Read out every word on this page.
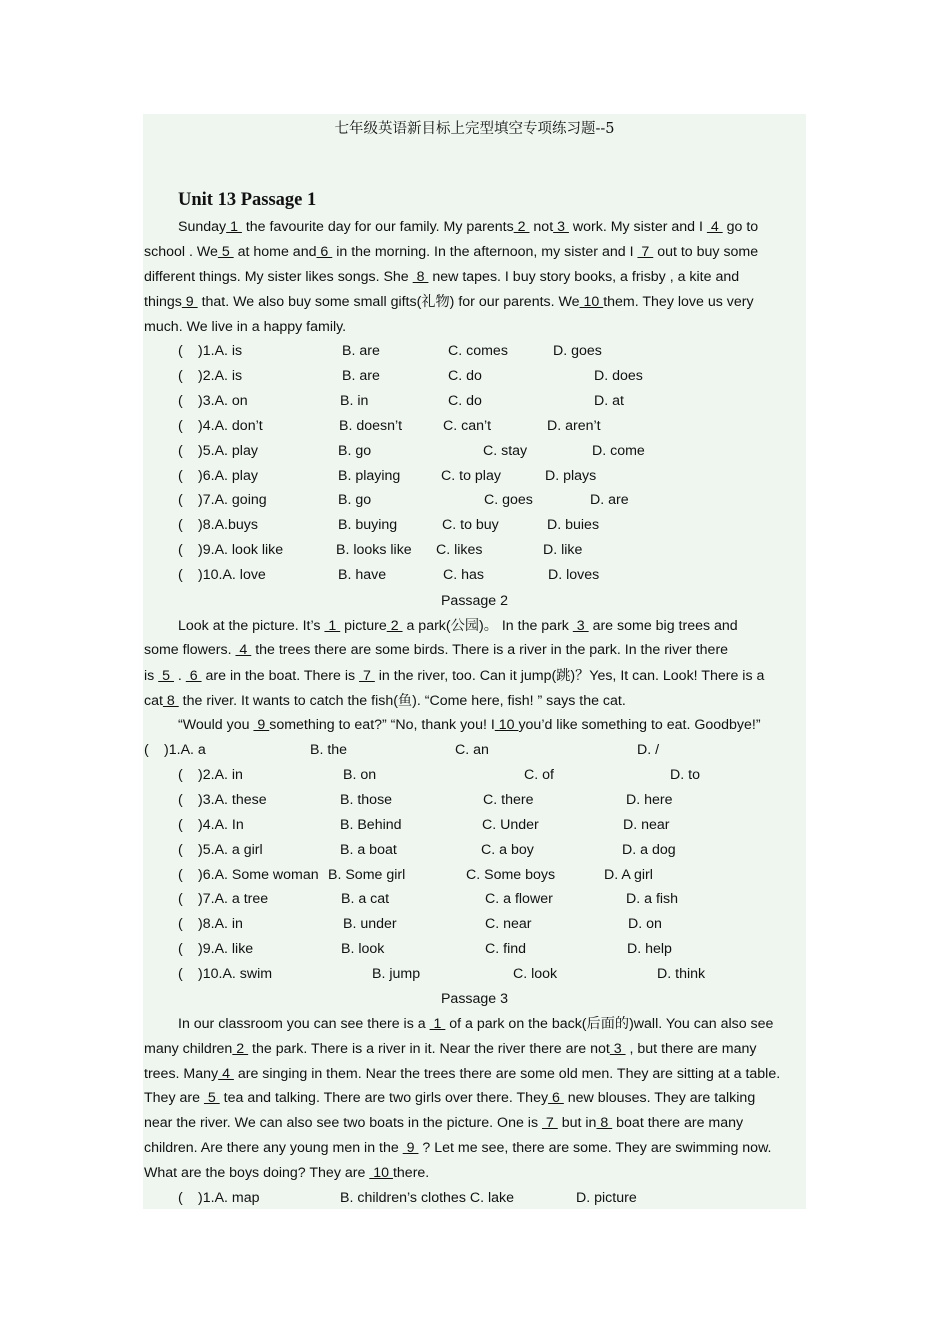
七年级英语新目标上完型填空专项练习题--5
Unit 13 Passage 1
Sunday 1  the favourite day for our family. My parents 2  not 3  work. My sister and I  4  go to
school . We 5  at home and 6  in the morning. In the afternoon, my sister and I  7  out to buy some
different things. My sister likes songs. She  8  new tapes. I buy story books, a frisby , a kite and
things 9  that. We also buy some small gifts(礼物) for our parents. We 10 them. They love us very
much. We live in a happy family.
( )1.A. is	B. are	C. comes	D. goes
( )2.A. is	B. are	C. do	D. does
( )3.A. on	B. in	C. do	D. at
( )4.A. don’t	B. doesn’t	C. can’t	D. aren’t
( )5.A. play	B. go	C. stay	D. come
( )6.A. play	B. playing	C. to play	D. plays
( )7.A. going	B. go	C. goes	D. are
( )8.A.buys	B. buying	C. to buy	D. buies
( )9.A. look like	B. looks like C. likes	D. like
( )10.A. love	B. have	C. has	D. loves
Passage 2
Look at the picture. It’s  1  picture 2  a park(公园)。 In the park  3  are some big trees and
some flowers.  4  the trees there are some birds. There is a river in the park. In the river there
is  5  .  6  are in the boat. There is  7  in the river, too. Can it jump(跳)？Yes, It can. Look! There is a
cat 8  the river. It wants to catch the fish(鱼). “Come here, fish! ” says the cat.
“Would you  9 something to eat?” “No, thank you! I 10 you’d like something to eat. Goodbye!”
( )1.A. a	B. the	C. an	D. /
( )2.A. in	B. on	C. of	D. to
( )3.A. these	B. those	C. there	D. here
( )4.A. In	B. Behind	C. Under	D. near
( )5.A. a girl	B. a boat	C. a boy	D. a dog
( )6.A. Some woman B. Some girl	C. Some boys	D. A girl
( )7.A. a tree	B. a cat	C. a flower	D. a fish
( )8.A. in	B. under	C. near	D. on
( )9.A. like	B. look	C. find	D. help
( )10.A. swim	B. jump	C. look	D. think
Passage 3
In our classroom you can see there is a  1  of a park on the back(后面的)wall. You can also see
many children 2  the park. There is a river in it. Near the river there are not 3  , but there are many
trees. Many 4  are singing in them. Near the trees there are some old men. They are sitting at a table.
They are  5  tea and talking. There are two girls over there. They 6  new blouses. They are talking
near the river. We can also see two boats in the picture. One is  7  but in 8  boat there are many
children. Are there any young men in the  9  ? Let me see, there are some. They are swimming now.
What are the boys doing? They are  10 there.
( )1.A. map	B. children’s clothes C. lake	D. picture
